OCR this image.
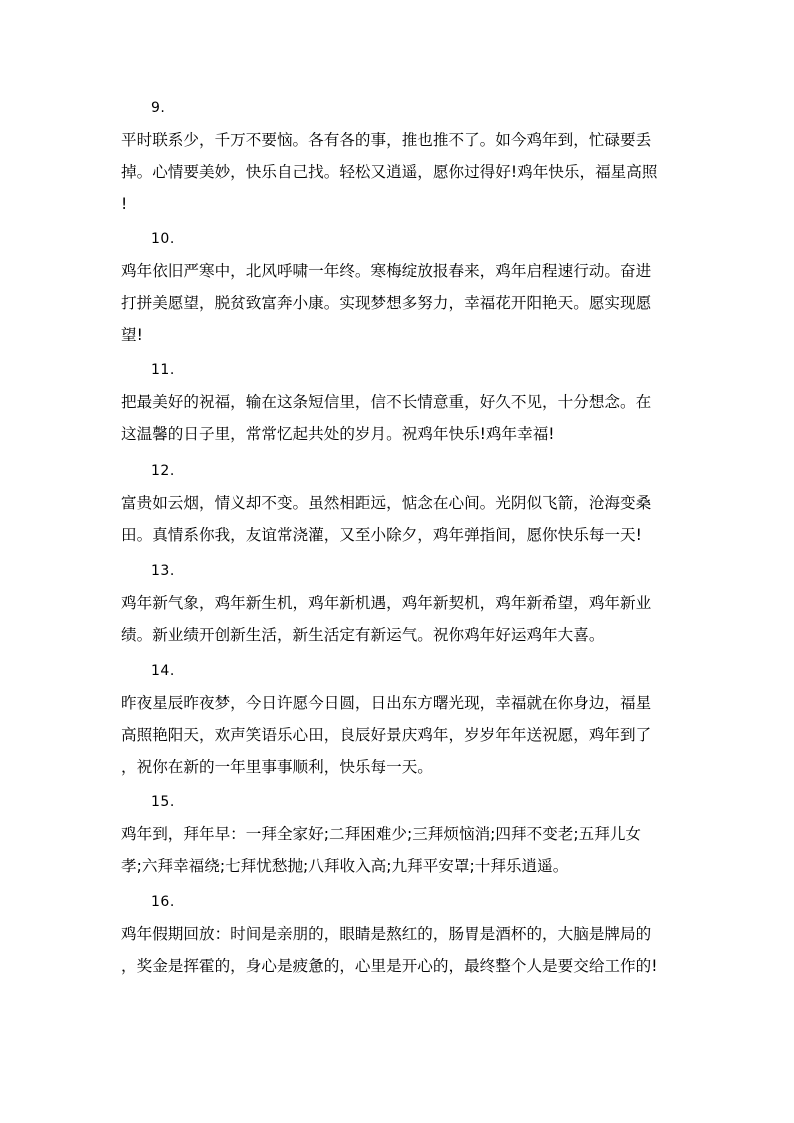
9.
平时联系少，千万不要恼。各有各的事，推也推不了。如今鸡年到，忙碌要丢
掉。心情要美妙，快乐自己找。轻松又逍遥，愿你过得好!鸡年快乐，福星高照
!
10.
鸡年依旧严寒中，北风呼啸一年终。寒梅绽放报春来，鸡年启程速行动。奋进
打拼美愿望，脱贫致富奔小康。实现梦想多努力，幸福花开阳艳天。愿实现愿
望!
11.
把最美好的祝福，输在这条短信里，信不长情意重，好久不见，十分想念。在
这温馨的日子里，常常忆起共处的岁月。祝鸡年快乐!鸡年幸福!
12.
富贵如云烟，情义却不变。虽然相距远，惦念在心间。光阴似飞箭，沧海变桑
田。真情系你我，友谊常浇灌，又至小除夕，鸡年弹指间，愿你快乐每一天!
13.
鸡年新气象，鸡年新生机，鸡年新机遇，鸡年新契机，鸡年新希望，鸡年新业
绩。新业绩开创新生活，新生活定有新运气。祝你鸡年好运鸡年大喜。
14.
昨夜星辰昨夜梦，今日许愿今日圆，日出东方曙光现，幸福就在你身边，福星
高照艳阳天，欢声笑语乐心田，良辰好景庆鸡年，岁岁年年送祝愿，鸡年到了
，祝你在新的一年里事事顺利，快乐每一天。
15.
鸡年到，拜年早：一拜全家好;二拜困难少;三拜烦恼消;四拜不变老;五拜儿女
孝;六拜幸福绕;七拜忧愁抛;八拜收入高;九拜平安罩;十拜乐逍遥。
16.
鸡年假期回放：时间是亲朋的，眼睛是熬红的，肠胃是酒杯的，大脑是牌局的
，奖金是挥霍的，身心是疲惫的，心里是开心的，最终整个人是要交给工作的!
